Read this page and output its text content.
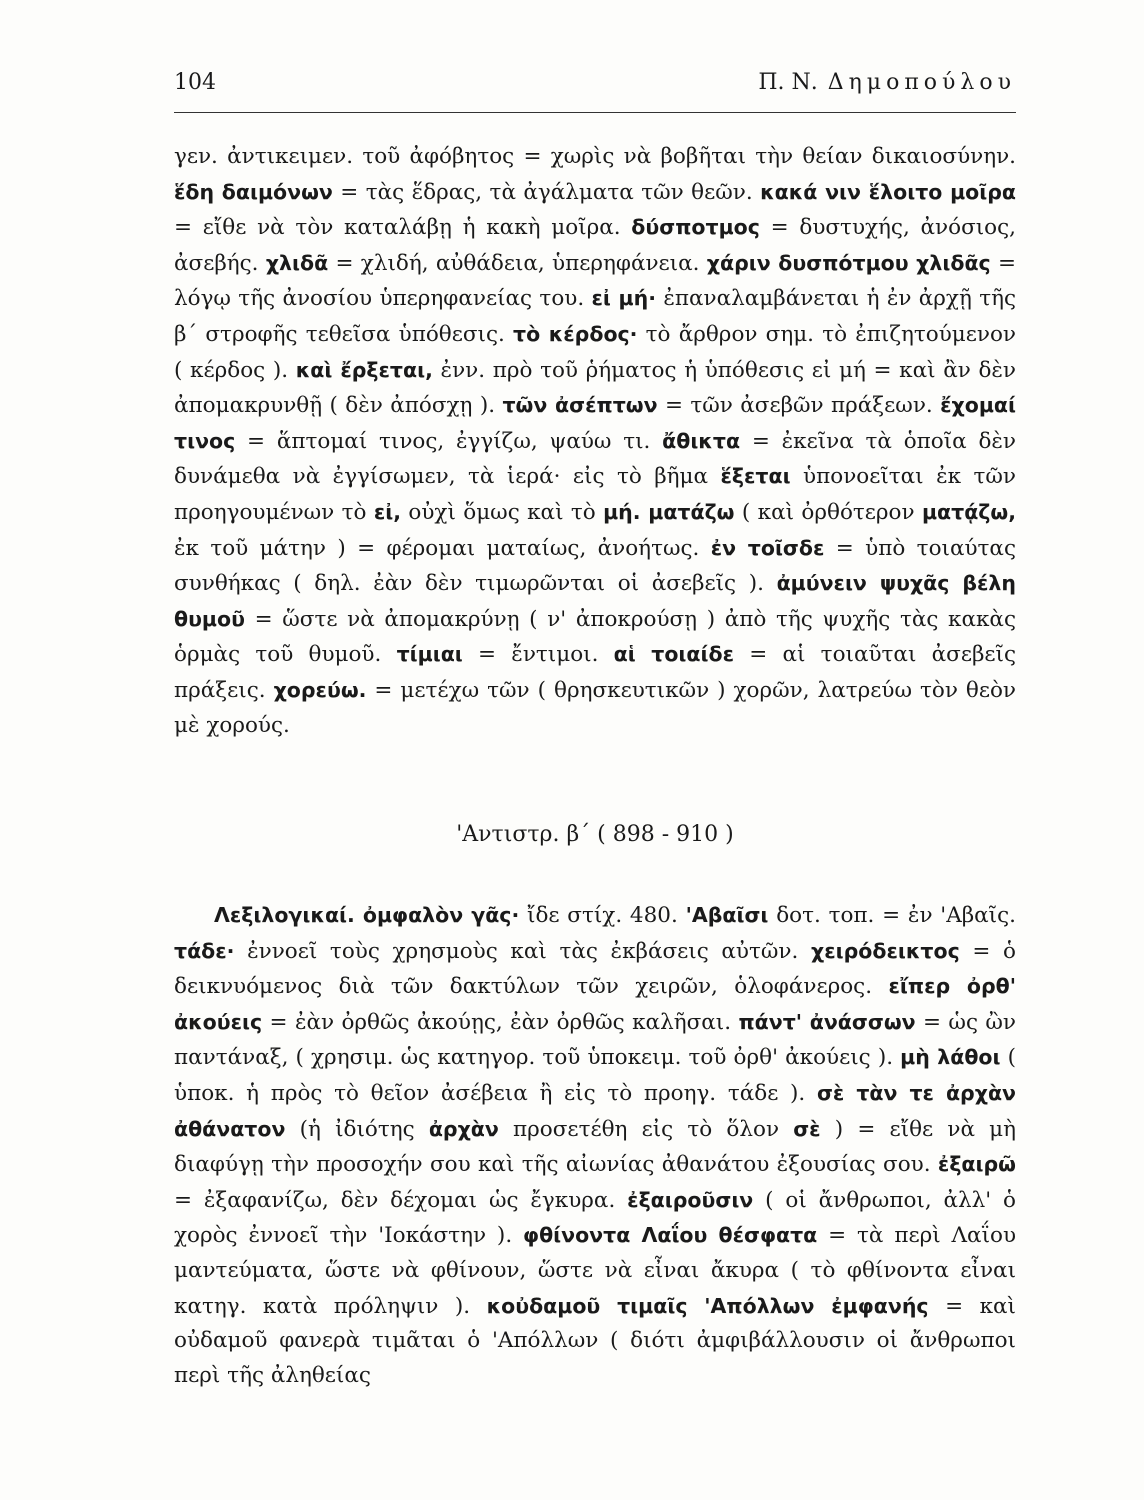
104	Π. Ν. Δημοπούλου
γεν. ἀντικειμεν. τοῦ ἀφόβητος = χωρὶς νὰ βοβῆται τὴν θείαν δικαιοσύνην. ἕδη δαιμόνων = τὰς ἕδρας, τὰ ἀγάλματα τῶν θεῶν. κακά νιν ἕλοιτο μοῖρα = εἴθε νὰ τὸν καταλάβῃ ἡ κακὴ μοῖρα. δύσποτμος = δυστυχής, ἀνόσιος, ἀσεβής. χλιδᾶ = χλιδή, αὐθάδεια, ὑπερηφάνεια. χάριν δυσπότμου χλιδᾶς = λόγῳ τῆς ἀνοσίου ὑπερηφανείας του. εἰ μή· ἐπαναλαμβάνεται ἡ ἐν ἀρχῇ τῆς β΄ στροφῆς τεθεῖσα ὑπόθεσις. τὸ κέρδος· τὸ ἄρθρον σημ. τὸ ἐπιζητούμενον ( κέρδος ). καὶ ἔρξεται, ἐνν. πρὸ τοῦ ῥήματος ἡ ὑπόθεσις εἰ μή = καὶ ἂν δὲν ἀπομακρυνθῇ ( δὲν ἀπόσχῃ ). τῶν ἀσέπτων = τῶν ἀσεβῶν πράξεων. ἔχομαί τινος = ἅπτομαί τινος, ἐγγίζω, ψαύω τι. ἄθικτα = ἐκεῖνα τὰ ὁποῖα δὲν δυνάμεθα νὰ ἐγγίσωμεν, τὰ ἱερά· εἰς τὸ βῆμα ἕξεται ὑπονοεῖται ἐκ τῶν προηγουμένων τὸ εἰ, οὐχὶ ὅμως καὶ τὸ μή. ματάζω ( καὶ ὀρθότερον ματᾴζω, ἐκ τοῦ μάτην ) = φέρομαι ματαίως, ἀνοήτως. ἐν τοῖσδε = ὑπὸ τοιαύτας συνθήκας ( δηλ. ἐὰν δὲν τιμωρῶνται οἱ ἀσεβεῖς ). ἀμύνειν ψυχᾶς βέλη θυμοῦ = ὥστε νὰ ἀπομακρύνῃ ( ν' ἀποκρούσῃ ) ἀπὸ τῆς ψυχῆς τὰς κακὰς ὁρμὰς τοῦ θυμοῦ. τίμιαι = ἔντιμοι. αἱ τοιαίδε = αἱ τοιαῦται ἀσεβεῖς πράξεις. χορεύω. = μετέχω τῶν ( θρησκευτικῶν ) χορῶν, λατρεύω τὸν θεὸν μὲ χορούς.
'Αντιστρ. β΄ ( 898 - 910 )
Λεξιλογικαί. ὀμφαλὸν γᾶς· ἴδε στίχ. 480. 'Αβαῖσι δοτ. τοπ. = ἐν 'Αβαῖς. τάδε· ἐννοεῖ τοὺς χρησμοὺς καὶ τὰς ἐκβάσεις αὐτῶν. χειρόδεικτος = ὁ δεικνυόμενος διὰ τῶν δακτύλων τῶν χειρῶν, ὁλοφάνερος. εἴπερ ὀρθ' ἀκούεις = ἐὰν ὀρθῶς ἀκούῃς, ἐὰν ὀρθῶς καλῆσαι. πάντ' ἀνάσσων = ὡς ὢν παντάναξ, ( χρησιμ. ὡς κατηγορ. τοῦ ὑποκειμ. τοῦ ὀρθ' ἀκούεις ). μὴ λάθοι ( ὑποκ. ἡ πρὸς τὸ θεῖον ἀσέβεια ἢ εἰς τὸ προηγ. τάδε ). σὲ τὰν τε ἀρχὰν ἀθάνατον (ἡ ἰδιότης ἀρχὰν προσετέθη εἰς τὸ ὅλον σὲ ) = εἴθε νὰ μὴ διαφύγῃ τὴν προσοχήν σου καὶ τῆς αἰωνίας ἀθανάτου ἐξουσίας σου. ἐξαιρῶ = ἐξαφανίζω, δὲν δέχομαι ὡς ἔγκυρα. ἐξαιροῦσιν ( οἱ ἄνθρωποι, ἀλλ' ὁ χορὸς ἐννοεῖ τὴν 'Ιοκάστην ). φθίνοντα Λαΐου θέσφατα = τὰ περὶ Λαΐου μαντεύματα, ὥστε νὰ φθίνουν, ὥστε νὰ εἶναι ἄκυρα ( τὸ φθίνοντα εἶναι κατηγ. κατὰ πρόληψιν ). κοὐδαμοῦ τιμαῖς 'Απόλλων ἐμφανής = καὶ οὐδαμοῦ φανερὰ τιμᾶται ὁ 'Απόλλων ( διότι ἀμφιβάλλουσιν οἱ ἄνθρωποι περὶ τῆς ἀληθείας
